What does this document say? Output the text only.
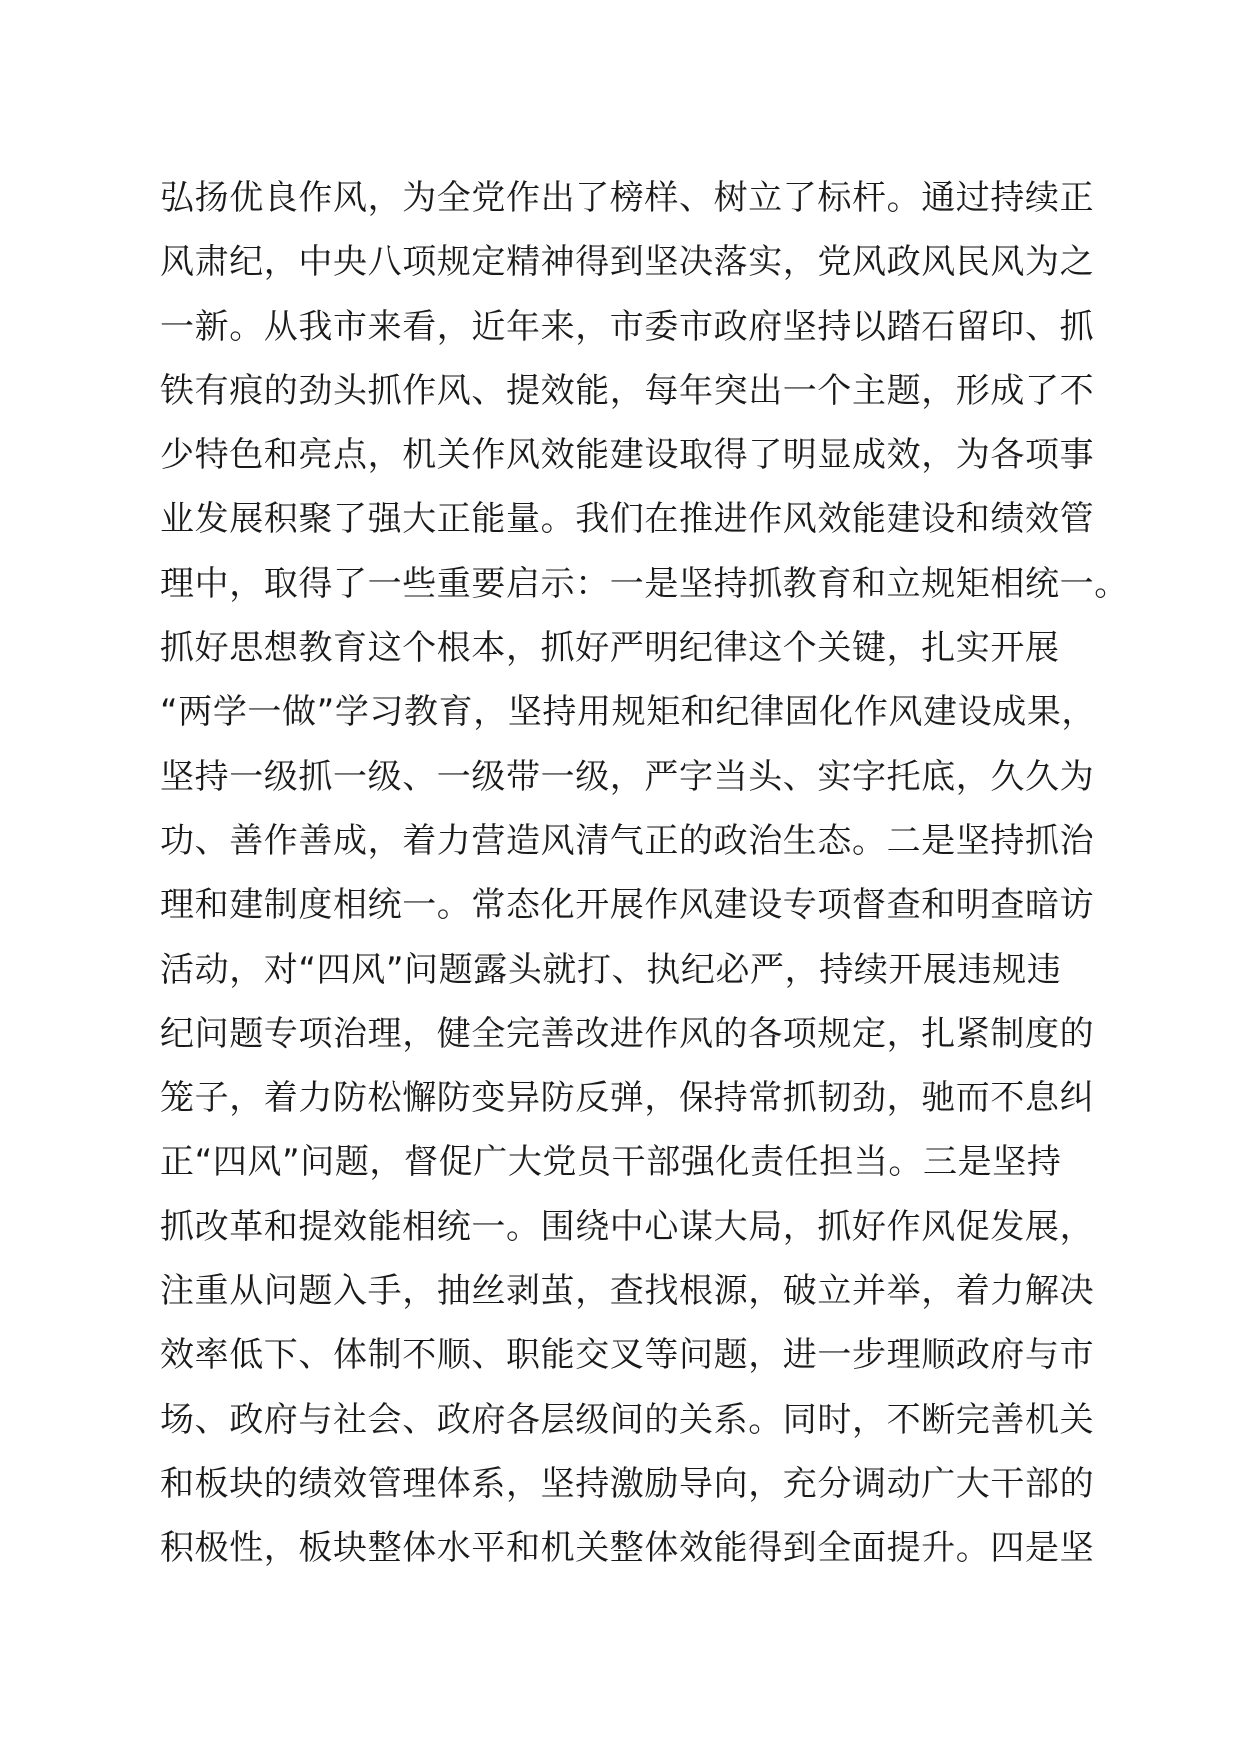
弘扬优良作风，为全党作出了榜样、树立了标杆。通过持续正
风肃纪，中央八项规定精神得到坚决落实，党风政风民风为之
一新。从我市来看，近年来，市委市政府坚持以踏石留印、抓
铁有痕的劲头抓作风、提效能，每年突出一个主题，形成了不
少特色和亮点，机关作风效能建设取得了明显成效，为各项事
业发展积聚了强大正能量。我们在推进作风效能建设和绩效管
理中，取得了一些重要启示：一是坚持抓教育和立规矩相统一。
抓好思想教育这个根本，抓好严明纪律这个关键，扎实开展
“两学一做”学习教育，坚持用规矩和纪律固化作风建设成果，
坚持一级抓一级、一级带一级，严字当头、实字托底，久久为
功、善作善成，着力营造风清气正的政治生态。二是坚持抓治
理和建制度相统一。常态化开展作风建设专项督查和明查暗访
活动，对“四风”问题露头就打、执纪必严，持续开展违规违
纪问题专项治理，健全完善改进作风的各项规定，扎紧制度的
笼子，着力防松懈防变异防反弹，保持常抓韧劲，驰而不息纠
正“四风”问题，督促广大党员干部强化责任担当。三是坚持
抓改革和提效能相统一。围绕中心谋大局，抓好作风促发展，
注重从问题入手，抽丝剥茧，查找根源，破立并举，着力解决
效率低下、体制不顺、职能交叉等问题，进一步理顺政府与市
场、政府与社会、政府各层级间的关系。同时，不断完善机关
和板块的绩效管理体系，坚持激励导向，充分调动广大干部的
积极性，板块整体水平和机关整体效能得到全面提升。四是坚
